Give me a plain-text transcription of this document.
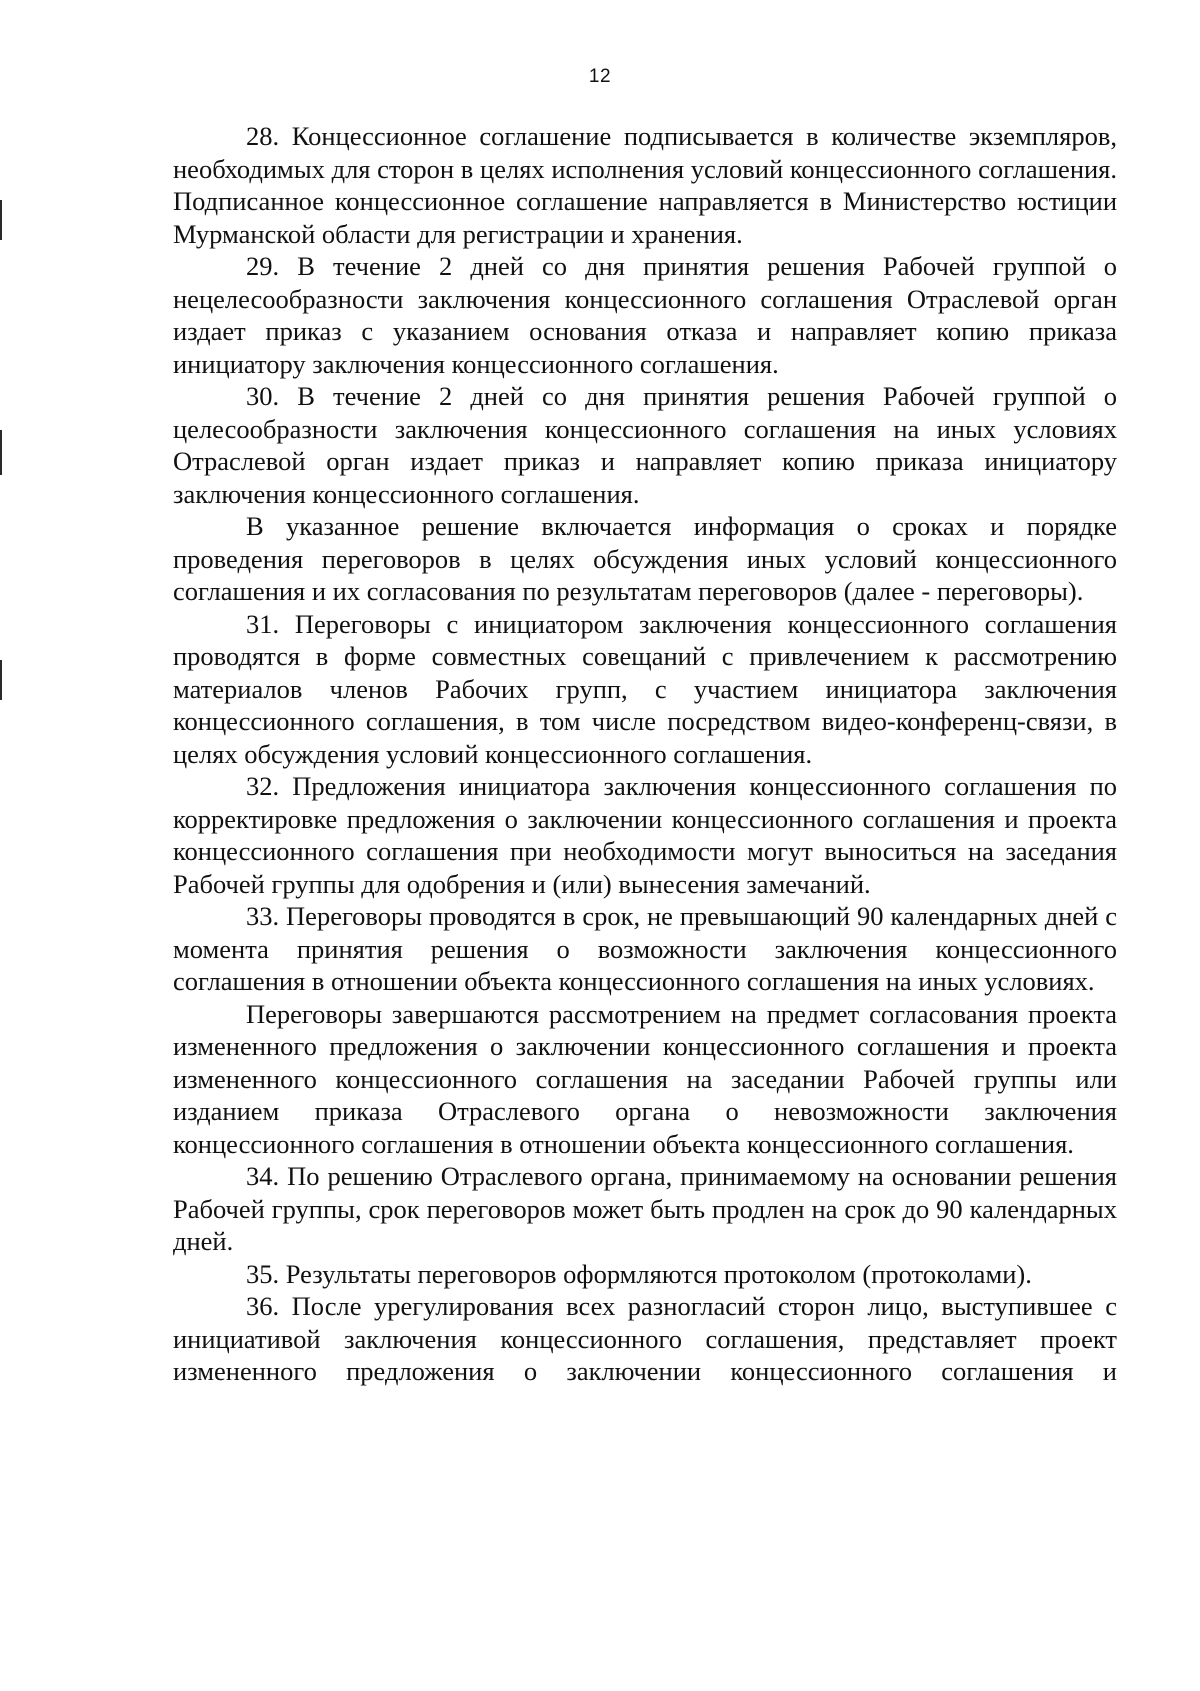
12

28. Концессионное соглашение подписывается в количестве экземпляров, необходимых для сторон в целях исполнения условий концессионного соглашения. Подписанное концессионное соглашение направляется в Министерство юстиции Мурманской области для регистрации и хранения.

29. В течение 2 дней со дня принятия решения Рабочей группой о нецелесообразности заключения концессионного соглашения Отраслевой орган издает приказ с указанием основания отказа и направляет копию приказа инициатору заключения концессионного соглашения.

30. В течение 2 дней со дня принятия решения Рабочей группой о целесообразности заключения концессионного соглашения на иных условиях Отраслевой орган издает приказ и направляет копию приказа инициатору заключения концессионного соглашения.

В указанное решение включается информация о сроках и порядке проведения переговоров в целях обсуждения иных условий концессионного соглашения и их согласования по результатам переговоров (далее - переговоры).

31. Переговоры с инициатором заключения концессионного соглашения проводятся в форме совместных совещаний с привлечением к рассмотрению материалов членов Рабочих групп, с участием инициатора заключения концессионного соглашения, в том числе посредством видео-конференц-связи, в целях обсуждения условий концессионного соглашения.

32. Предложения инициатора заключения концессионного соглашения по корректировке предложения о заключении концессионного соглашения и проекта концессионного соглашения при необходимости могут выноситься на заседания Рабочей группы для одобрения и (или) вынесения замечаний.

33. Переговоры проводятся в срок, не превышающий 90 календарных дней с момента принятия решения о возможности заключения концессионного соглашения в отношении объекта концессионного соглашения на иных условиях.

Переговоры завершаются рассмотрением на предмет согласования проекта измененного предложения о заключении концессионного соглашения и проекта измененного концессионного соглашения на заседании Рабочей группы или изданием приказа Отраслевого органа о невозможности заключения концессионного соглашения в отношении объекта концессионного соглашения.

34. По решению Отраслевого органа, принимаемому на основании решения Рабочей группы, срок переговоров может быть продлен на срок до 90 календарных дней.

35. Результаты переговоров оформляются протоколом (протоколами).

36. После урегулирования всех разногласий сторон лицо, выступившее с инициативой заключения концессионного соглашения, представляет проект измененного предложения о заключении концессионного соглашения и
